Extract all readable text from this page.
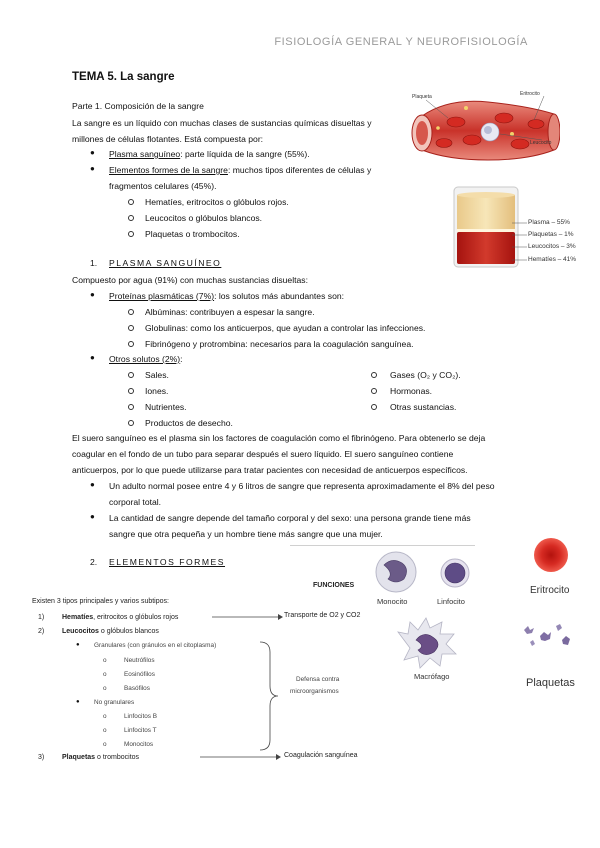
FISIOLOGÍA GENERAL Y NEUROFISIOLOGÍA
TEMA 5. La sangre
Parte 1. Composición de la sangre
La sangre es un líquido con muchas clases de sustancias químicas disueltas y
millones de células flotantes. Está compuesta por:
● Plasma sanguíneo: parte líquida de la sangre (55%).
● Elementos formes de la sangre: muchos tipos diferentes de células y
fragmentos celulares (45%).
Hematíes, eritrocitos o glóbulos rojos.
Leucocitos o glóbulos blancos.
Plaquetas o trombocitos.
Plaqueta	Eritrocito
Leucocito
Plasma – 55%
Plaquetas – 1%
Leucocitos – 3%
Hematíes – 41%
1. PLASMA SANGUÍNEO
Compuesto por agua (91%) con muchas sustancias disueltas:
● Proteínas plasmáticas (7%): los solutos más abundantes son:
Albúminas: contribuyen a espesar la sangre.
Globulinas: como los anticuerpos, que ayudan a controlar las infecciones.
Fibrinógeno y protrombina: necesarios para la coagulación sanguínea.
● Otros solutos (2%):
Sales.
Iones.
Nutrientes.
Productos de desecho.
Gases (O₂ y CO₂).
Hormonas.
Otras sustancias.
El suero sanguíneo es el plasma sin los factores de coagulación como el fibrinógeno. Para obtenerlo se deja
coagular en el fondo de un tubo para separar después el suero líquido. El suero sanguíneo contiene
anticuerpos, por lo que puede utilizarse para tratar pacientes con necesidad de anticuerpos específicos.
● Un adulto normal posee entre 4 y 6 litros de sangre que representa aproximadamente el 8% del peso
corporal total.
● La cantidad de sangre depende del tamaño corporal y del sexo: una persona grande tiene más
sangre que otra pequeña y un hombre tiene más sangre que una mujer.
2. ELEMENTOS FORMES
FUNCIONES
Existen 3 tipos principales y varios subtipos:
1)	Hematíes, eritrocitos o glóbulos rojos	Transporte de O2 y CO2
2)	Leucocitos o glóbulos blancos
● Granulares (con gránulos en el citoplasma)
o	Neutrófilos
o	Eosinófilos
o	Basófilos
● No granulares
o	Linfocitos B
o	Linfocitos T
o	Monocitos
Defensa contra
microorganismos
3)	Plaquetas o trombocitos	Coagulación sanguínea
Monocito	Linfocito
Eritrocito
Macrófago
Plaquetas
